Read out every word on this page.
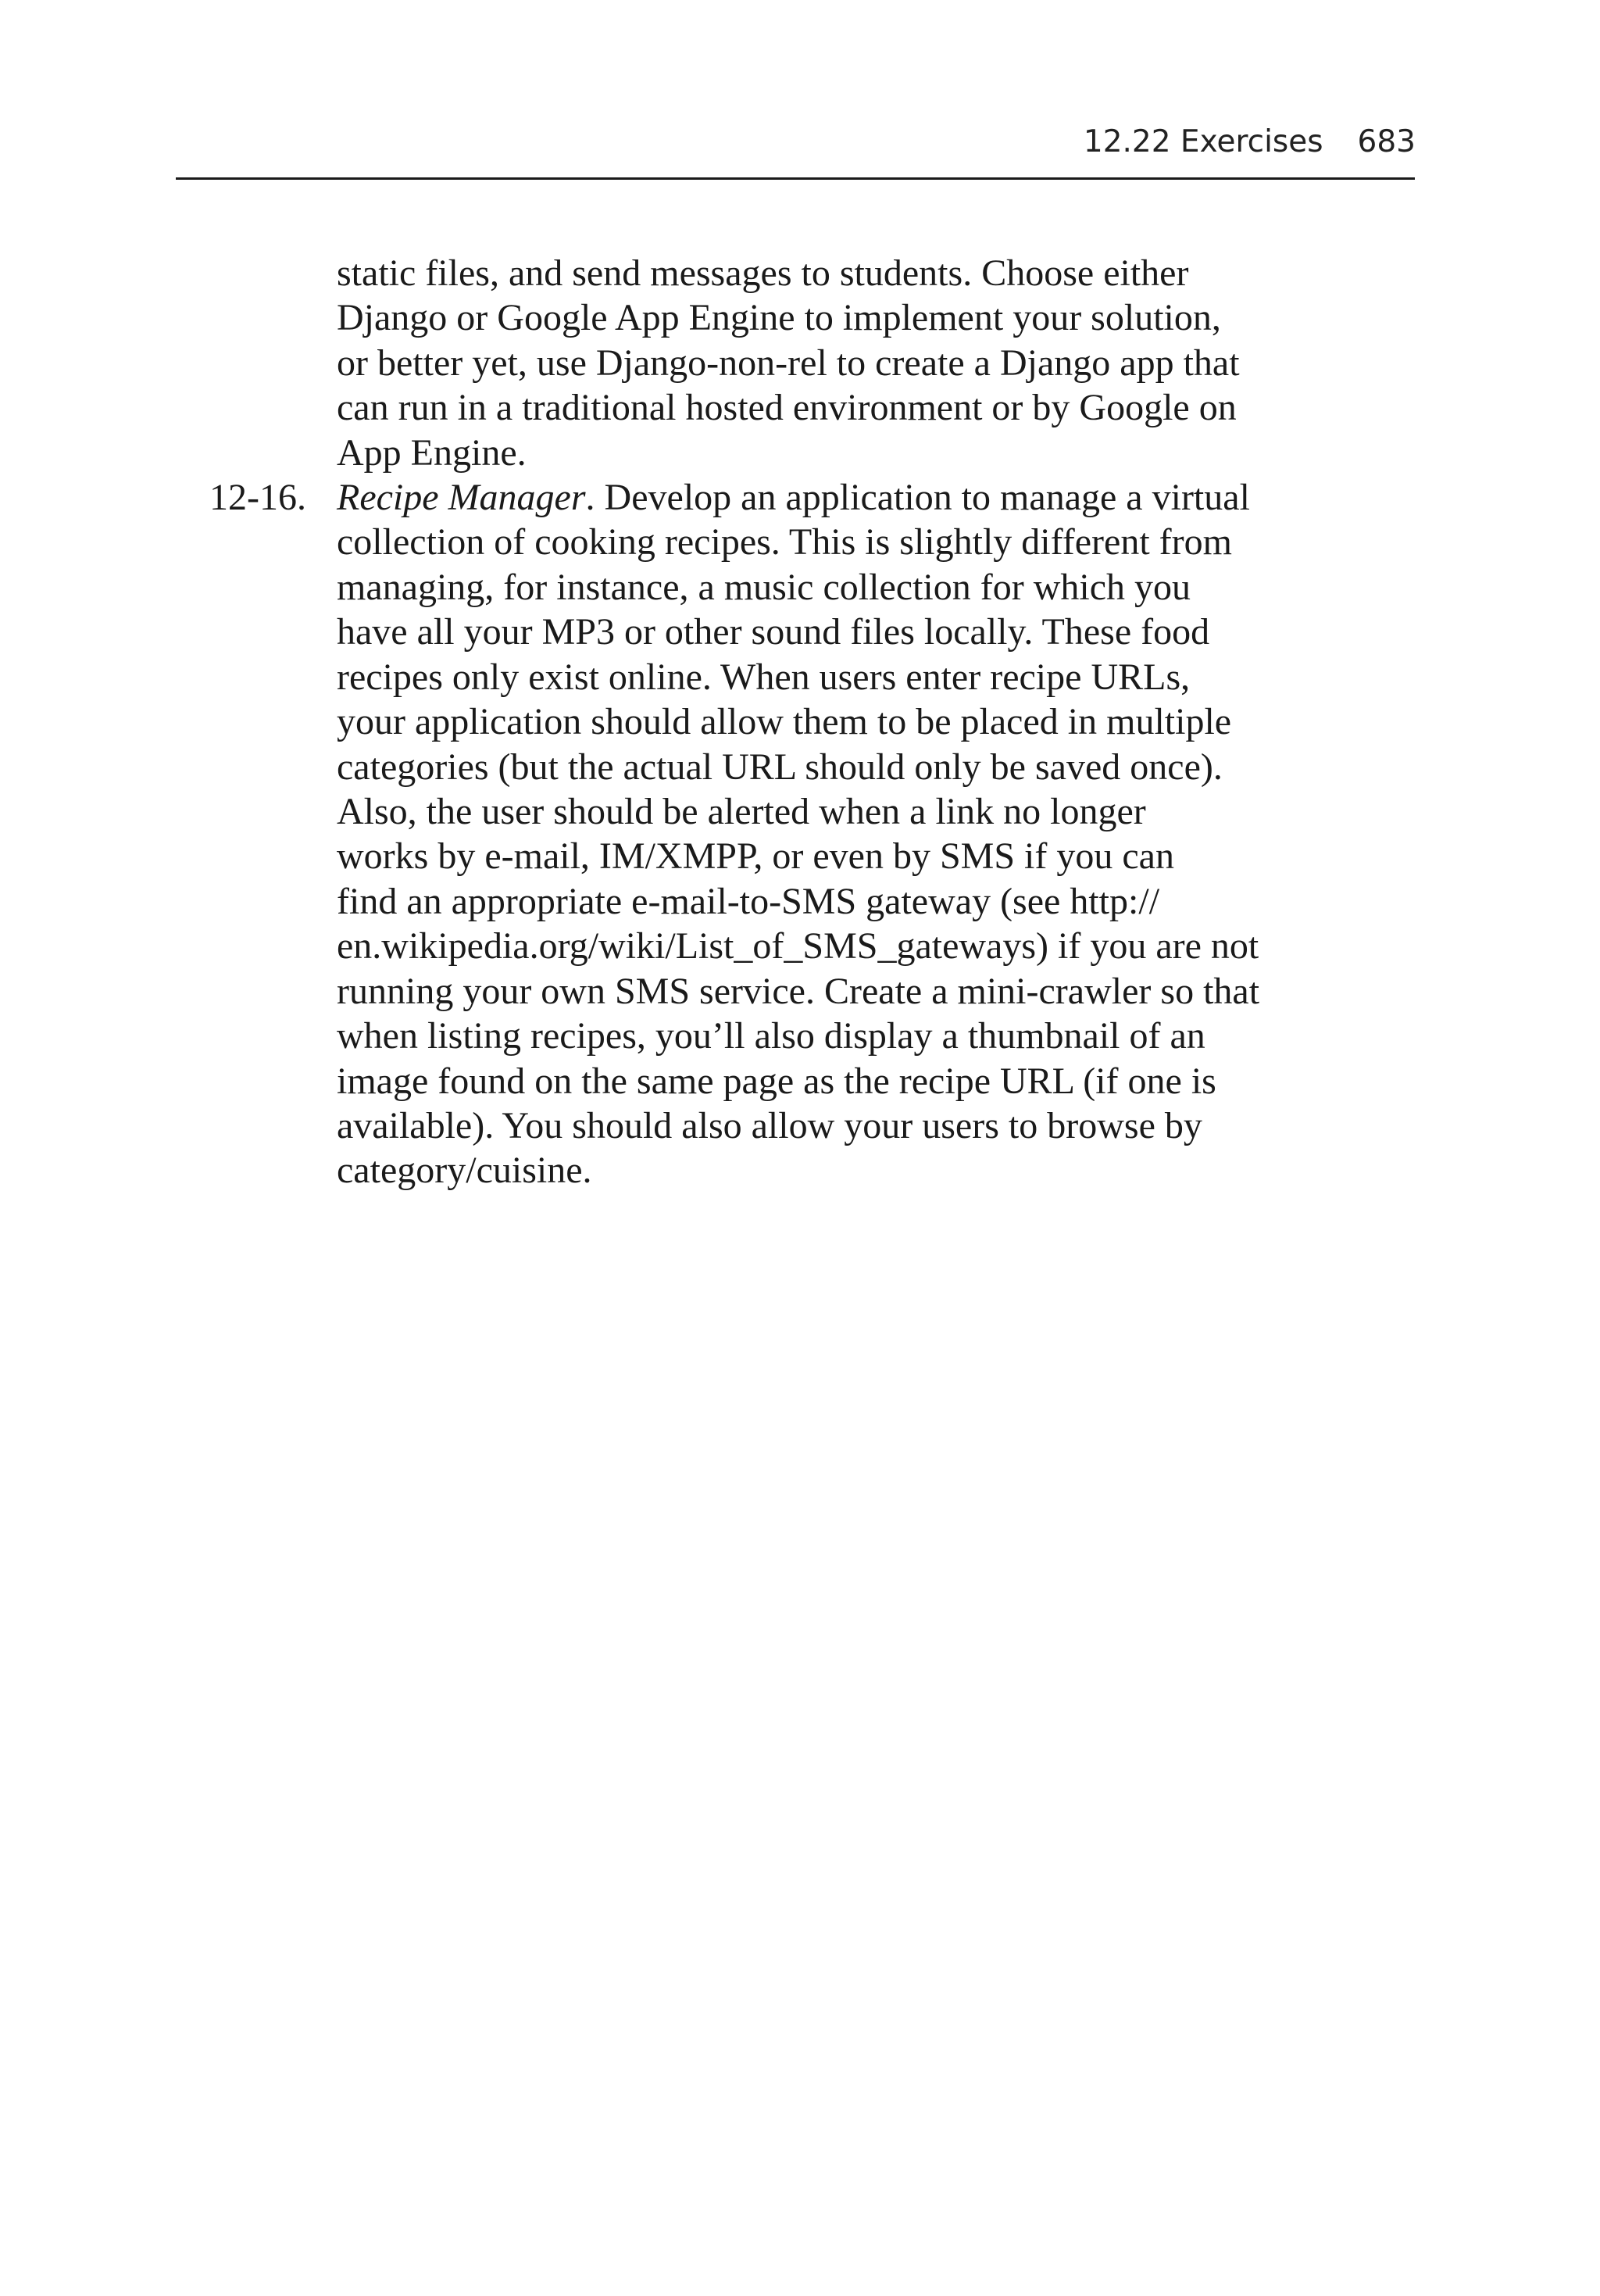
12.22 Exercises 683
static files, and send messages to students. Choose either
Django or Google App Engine to implement your solution,
or better yet, use Django-non-rel to create a Django app that
can run in a traditional hosted environment or by Google on
App Engine.
12-16. Recipe Manager. Develop an application to manage a virtual
collection of cooking recipes. This is slightly different from
managing, for instance, a music collection for which you
have all your MP3 or other sound files locally. These food
recipes only exist online. When users enter recipe URLs,
your application should allow them to be placed in multiple
categories (but the actual URL should only be saved once).
Also, the user should be alerted when a link no longer
works by e-mail, IM/XMPP, or even by SMS if you can
find an appropriate e-mail-to-SMS gateway (see http://
en.wikipedia.org/wiki/List_of_SMS_gateways) if you are not
running your own SMS service. Create a mini-crawler so that
when listing recipes, you’ll also display a thumbnail of an
image found on the same page as the recipe URL (if one is
available). You should also allow your users to browse by
category/cuisine.
